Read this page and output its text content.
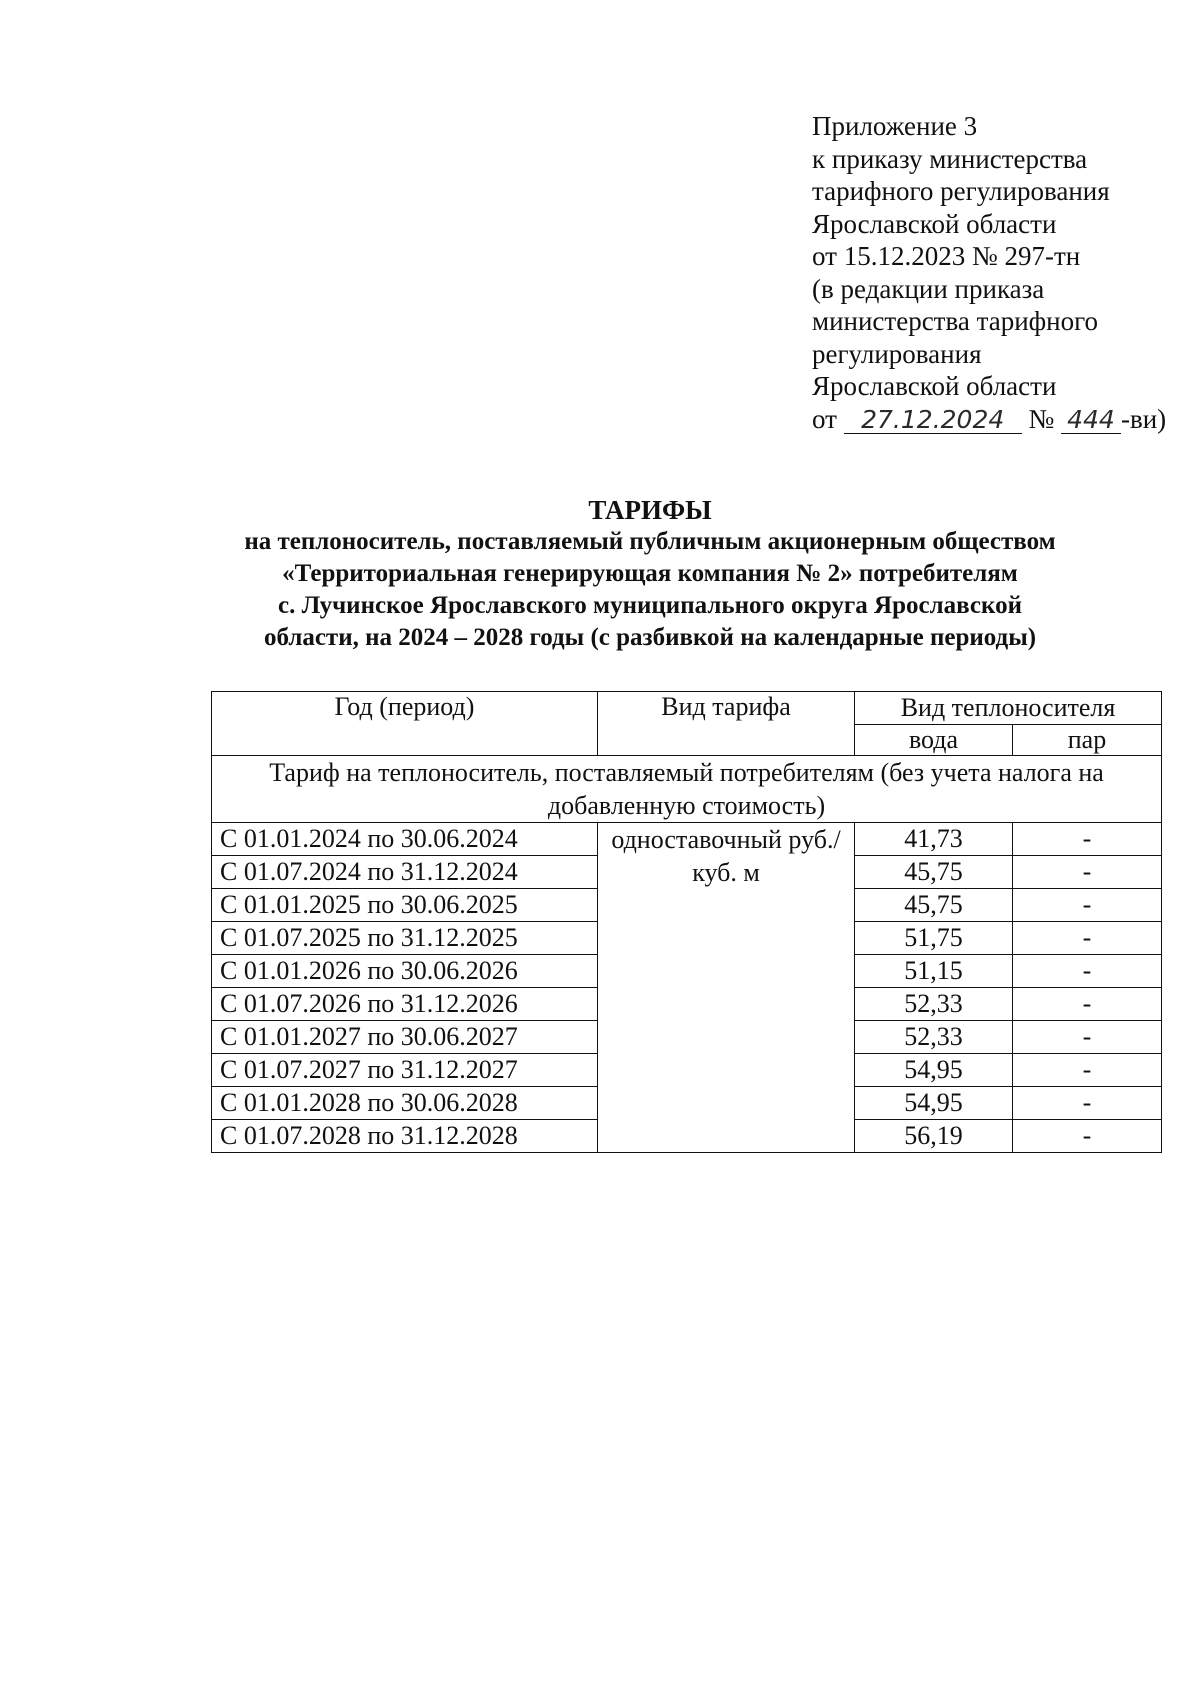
Приложение 3
к приказу министерства
тарифного регулирования
Ярославской области
от 15.12.2023 № 297-тн
(в редакции приказа
министерства тарифного
регулирования
Ярославской области
от 27.12.2024 № 444 -ви)
ТАРИФЫ
на теплоноситель, поставляемый публичным акционерным обществом
«Территориальная генерирующая компания № 2» потребителям
с. Лучинское Ярославского муниципального округа Ярославской
области, на 2024 – 2028 годы (с разбивкой на календарные периоды)
Год (период)	Вид тарифа	Вид теплоносителя	
		вода	пар
Тариф на теплоноситель, поставляемый потребителям (без учета налога на добавленную стоимость)			
С 01.01.2024 по 30.06.2024	одноставочный руб./куб. м	41,73	-
С 01.07.2024 по 31.12.2024		45,75	-
С 01.01.2025 по 30.06.2025		45,75	-
С 01.07.2025 по 31.12.2025		51,75	-
С 01.01.2026 по 30.06.2026		51,15	-
С 01.07.2026 по 31.12.2026		52,33	-
С 01.01.2027 по 30.06.2027		52,33	-
С 01.07.2027 по 31.12.2027		54,95	-
С 01.01.2028 по 30.06.2028		54,95	-
С 01.07.2028 по 31.12.2028		56,19	-
